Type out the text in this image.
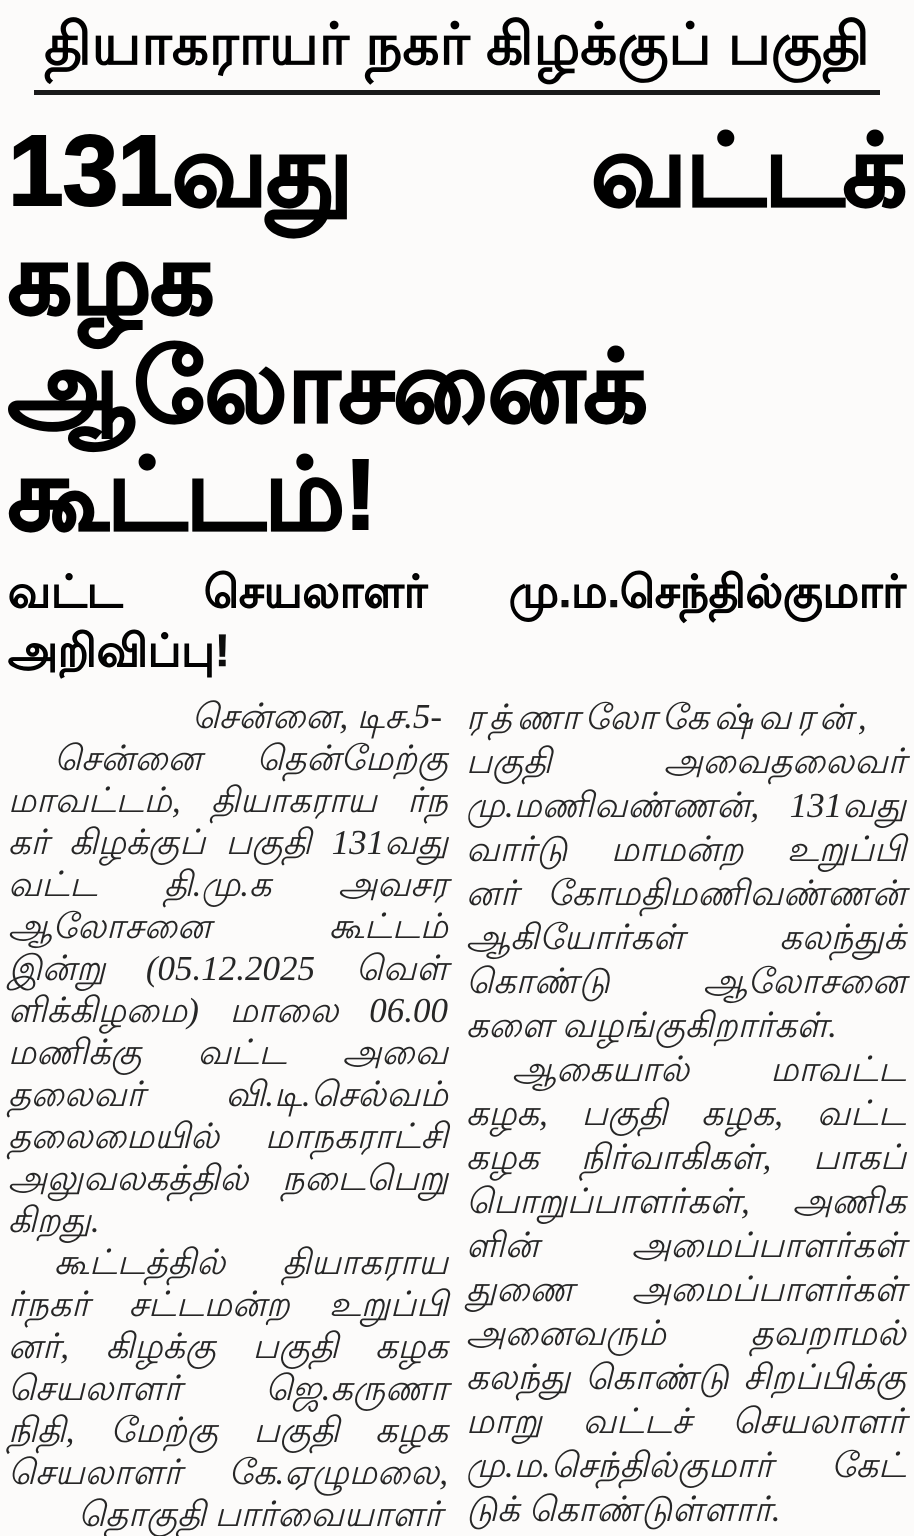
தியாகராயர் நகர் கிழக்குப் பகுதி
131வது வட்டக் கழக
ஆலோசனைக் கூட்டம்!
வட்ட செயலாளர் மு.ம.செந்தில்குமார் அறிவிப்பு!
சென்னை, டிச.5-
சென்னை தென்மேற்கு
மாவட்டம், தியாகராய ர்ந
கர் கிழக்குப் பகுதி 131வது
வட்ட தி.மு.க அவசர
ஆலோசனை கூட்டம்
இன்று (05.12.2025 வெள்
ளிக்கிழமை) மாலை 06.00
மணிக்கு வட்ட அவை
தலைவர் வி.டி.செல்வம்
தலைமையில் மாநகராட்சி
அலுவலகத்தில் நடைபெறு
கிறது.
கூட்டத்தில் தியாகராய
ர்நகர் சட்டமன்ற உறுப்பி
னர், கிழக்கு பகுதி கழக
செயலாளர் ஜெ.கருணா
நிதி, மேற்கு பகுதி கழக
செயலாளர் கே.ஏழுமலை,
தொகுதி பார்வையாளர்
ரத்ணாலோகேஷ்வரன்,
பகுதி அவைதலைவர்
மு.மணிவண்ணன், 131வது
வார்டு மாமன்ற உறுப்பி
னர் கோமதிமணிவண்ணன்
ஆகியோர்கள் கலந்துக்
கொண்டு ஆலோசனை
களை வழங்குகிறார்கள்.
ஆகையால் மாவட்ட
கழக, பகுதி கழக, வட்ட
கழக நிர்வாகிகள், பாகப்
பொறுப்பாளர்கள், அணிக
ளின் அமைப்பாளர்கள்
துணை அமைப்பாளர்கள்
அனைவரும் தவறாமல்
கலந்து கொண்டு சிறப்பிக்கு
மாறு வட்டச் செயலாளர்
மு.ம.செந்தில்குமார் கேட்
டுக் கொண்டுள்ளார்.
